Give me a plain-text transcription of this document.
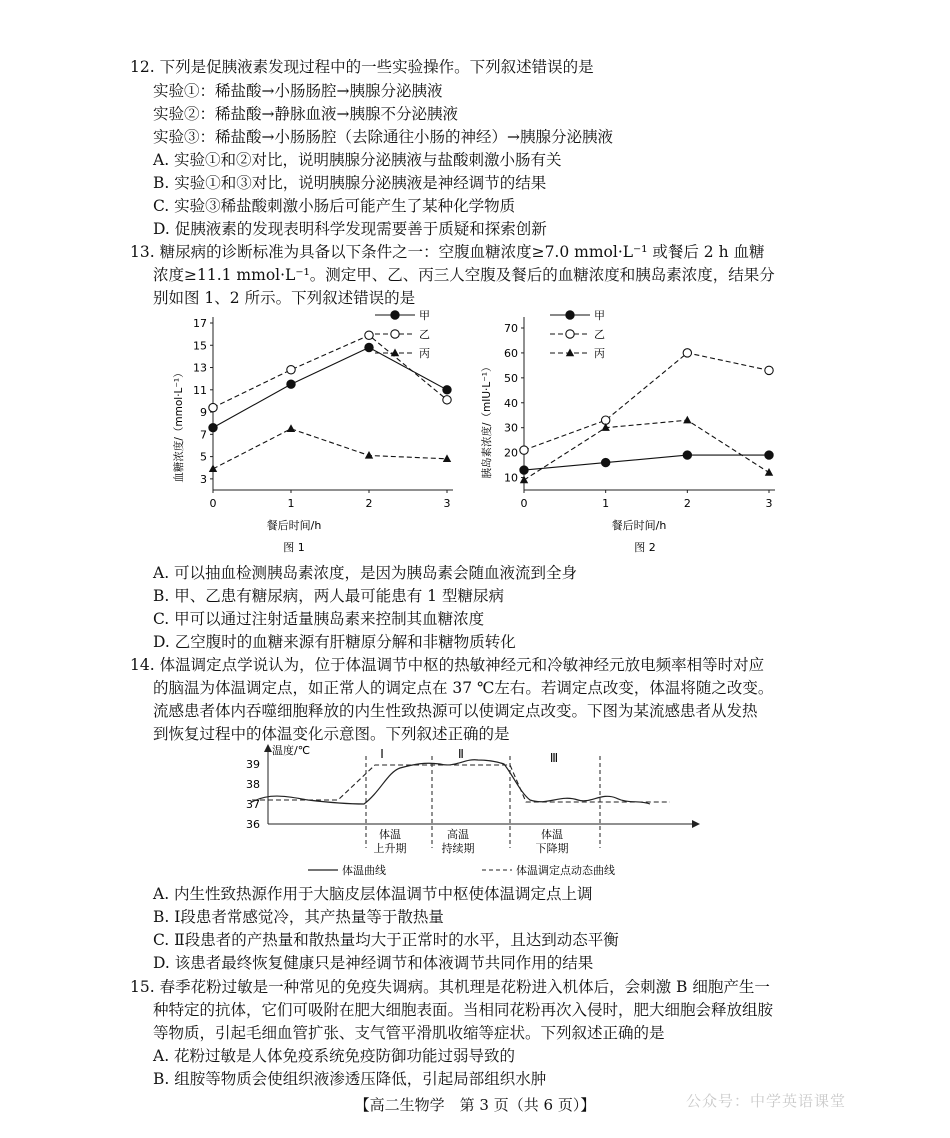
12. 下列是促胰液素发现过程中的一些实验操作。下列叙述错误的是
实验①：稀盐酸→小肠肠腔→胰腺分泌胰液
实验②：稀盐酸→静脉血液→胰腺不分泌胰液
实验③：稀盐酸→小肠肠腔（去除通往小肠的神经）→胰腺分泌胰液
A. 实验①和②对比，说明胰腺分泌胰液与盐酸刺激小肠有关
B. 实验①和③对比，说明胰腺分泌胰液是神经调节的结果
C. 实验③稀盐酸刺激小肠后可能产生了某种化学物质
D. 促胰液素的发现表明科学发现需要善于质疑和探索创新
13. 糖尿病的诊断标准为具备以下条件之一：空腹血糖浓度≥7.0 mmol·L⁻¹ 或餐后 2 h 血糖
浓度≥11.1 mmol·L⁻¹。测定甲、乙、丙三人空腹及餐后的血糖浓度和胰岛素浓度，结果分
别如图 1、2 所示。下列叙述错误的是
0	1	2	3
3
5
7
9
11
13
15
17
甲
乙
丙
餐后时间/h
图 1
血糖浓度/（mmol·L⁻¹）
0	1	2	3
10
20
30
40
50
60
70
甲
乙
丙
餐后时间/h
图 2
胰岛素浓度/（mIU·L⁻¹）
A. 可以抽血检测胰岛素浓度，是因为胰岛素会随血液流到全身
B. 甲、乙患有糖尿病，两人最可能患有 1 型糖尿病
C. 甲可以通过注射适量胰岛素来控制其血糖浓度
D. 乙空腹时的血糖来源有肝糖原分解和非糖物质转化
14. 体温调定点学说认为，位于体温调节中枢的热敏神经元和冷敏神经元放电频率相等时对应
的脑温为体温调定点，如正常人的调定点在 37 ℃左右。若调定点改变，体温将随之改变。
流感患者体内吞噬细胞释放的内生性致热源可以使调定点改变。下图为某流感患者从发热
到恢复过程中的体温变化示意图。下列叙述正确的是
36
37
38
39
温度/℃	Ⅰ	Ⅱ	Ⅲ
体温
上升期
高温
持续期
体温
下降期
体温曲线	体温调定点动态曲线
A. 内生性致热源作用于大脑皮层体温调节中枢使体温调定点上调
B. Ⅰ段患者常感觉冷，其产热量等于散热量
C. Ⅱ段患者的产热量和散热量均大于正常时的水平，且达到动态平衡
D. 该患者最终恢复健康只是神经调节和体液调节共同作用的结果
15. 春季花粉过敏是一种常见的免疫失调病。其机理是花粉进入机体后，会刺激 B 细胞产生一
种特定的抗体，它们可吸附在肥大细胞表面。当相同花粉再次入侵时，肥大细胞会释放组胺
等物质，引起毛细血管扩张、支气管平滑肌收缩等症状。下列叙述正确的是
A. 花粉过敏是人体免疫系统免疫防御功能过弱导致的
B. 组胺等物质会使组织液渗透压降低，引起局部组织水肿
【高二生物学　第 3 页（共 6 页）】	公众号：中学英语课堂
